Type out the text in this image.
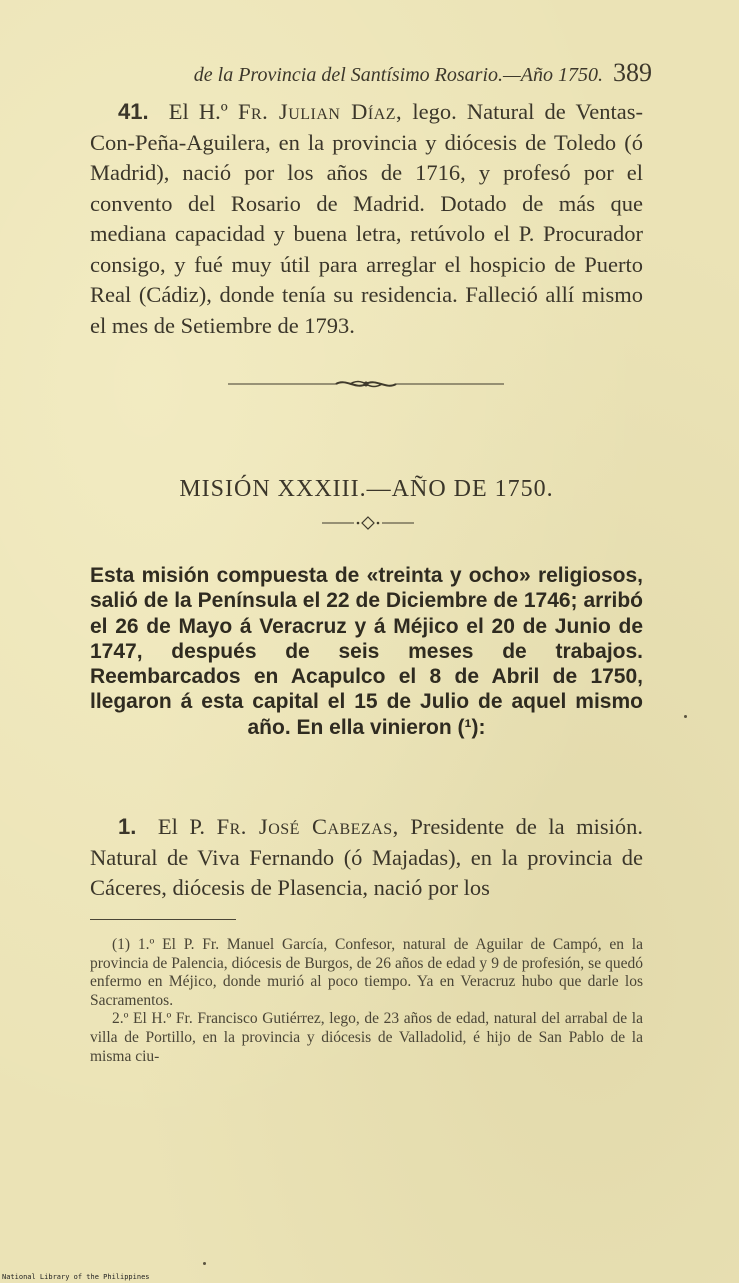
de la Provincia del Santísimo Rosario.—Año 1750. 389
41. El H.º Fr. Julian Díaz, lego. Natural de Ventas-Con-Peña-Aguilera, en la provincia y diócesis de Toledo (ó Madrid), nació por los años de 1716, y profesó por el convento del Rosario de Madrid. Dotado de más que mediana capacidad y buena letra, retúvolo el P. Procurador consigo, y fué muy útil para arreglar el hospicio de Puerto Real (Cádiz), donde tenía su residencia. Falleció allí mismo el mes de Setiembre de 1793.
MISIÓN XXXIII.—AÑO DE 1750.
Esta misión compuesta de «treinta y ocho» religiosos, salió de la Península el 22 de Diciembre de 1746; arribó el 26 de Mayo á Veracruz y á Méjico el 20 de Junio de 1747, después de seis meses de trabajos. Reembarcados en Acapulco el 8 de Abril de 1750, llegaron á esta capital el 15 de Julio de aquel mismo año. En ella vinieron (¹):
1. El P. Fr. José Cabezas, Presidente de la misión. Natural de Viva Fernando (ó Majadas), en la provincia de Cáceres, diócesis de Plasencia, nació por los

(1) 1.º El P. Fr. Manuel García, Confesor, natural de Aguilar de Campó, en la provincia de Palencia, diócesis de Burgos, de 26 años de edad y 9 de profesión, se quedó enfermo en Méjico, donde murió al poco tiempo. Ya en Veracruz hubo que darle los Sacramentos.

2.º El H.º Fr. Francisco Gutiérrez, lego, de 23 años de edad, natural del arrabal de la villa de Portillo, en la provincia y diócesis de Valladolid, é hijo de San Pablo de la misma ciu-

National Library of the Philippines
